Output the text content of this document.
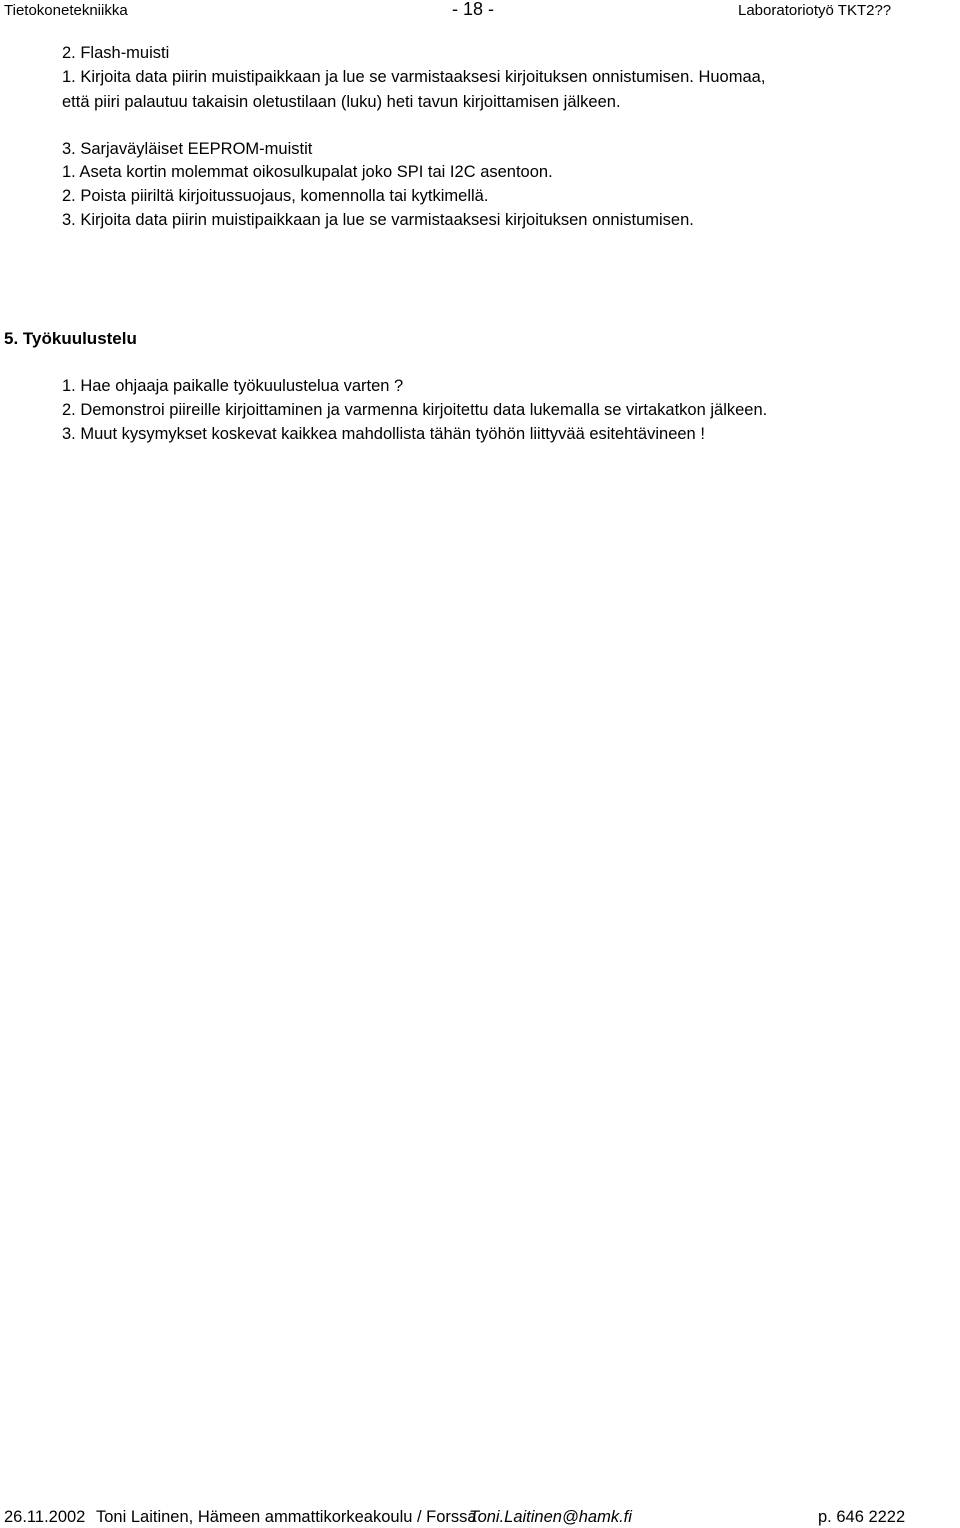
Tietokonetekniikka	- 18 -	Laboratoriotyö TKT2??
2. Flash-muisti
1. Kirjoita data piirin muistipaikkaan ja lue se varmistaaksesi kirjoituksen onnistumisen. Huomaa,
että piiri palautuu takaisin oletustilaan (luku) heti tavun kirjoittamisen jälkeen.
3. Sarjaväyläiset EEPROM-muistit
1. Aseta kortin molemmat oikosulkupalat joko SPI tai I2C asentoon.
2. Poista piiriltä kirjoitussuojaus, komennolla tai kytkimellä.
3. Kirjoita data piirin muistipaikkaan ja lue se varmistaaksesi kirjoituksen onnistumisen.
5. Työkuulustelu
1. Hae ohjaaja paikalle työkuulustelua varten ?
2. Demonstroi piireille kirjoittaminen ja varmenna kirjoitettu data lukemalla se virtakatkon jälkeen.
3. Muut kysymykset koskevat kaikkea mahdollista tähän työhön liittyvää esitehtävineen !
26.11.2002 Toni Laitinen, Hämeen ammattikorkeakoulu / Forssa
Toni.Laitinen@hamk.fi	p. 646 2222
